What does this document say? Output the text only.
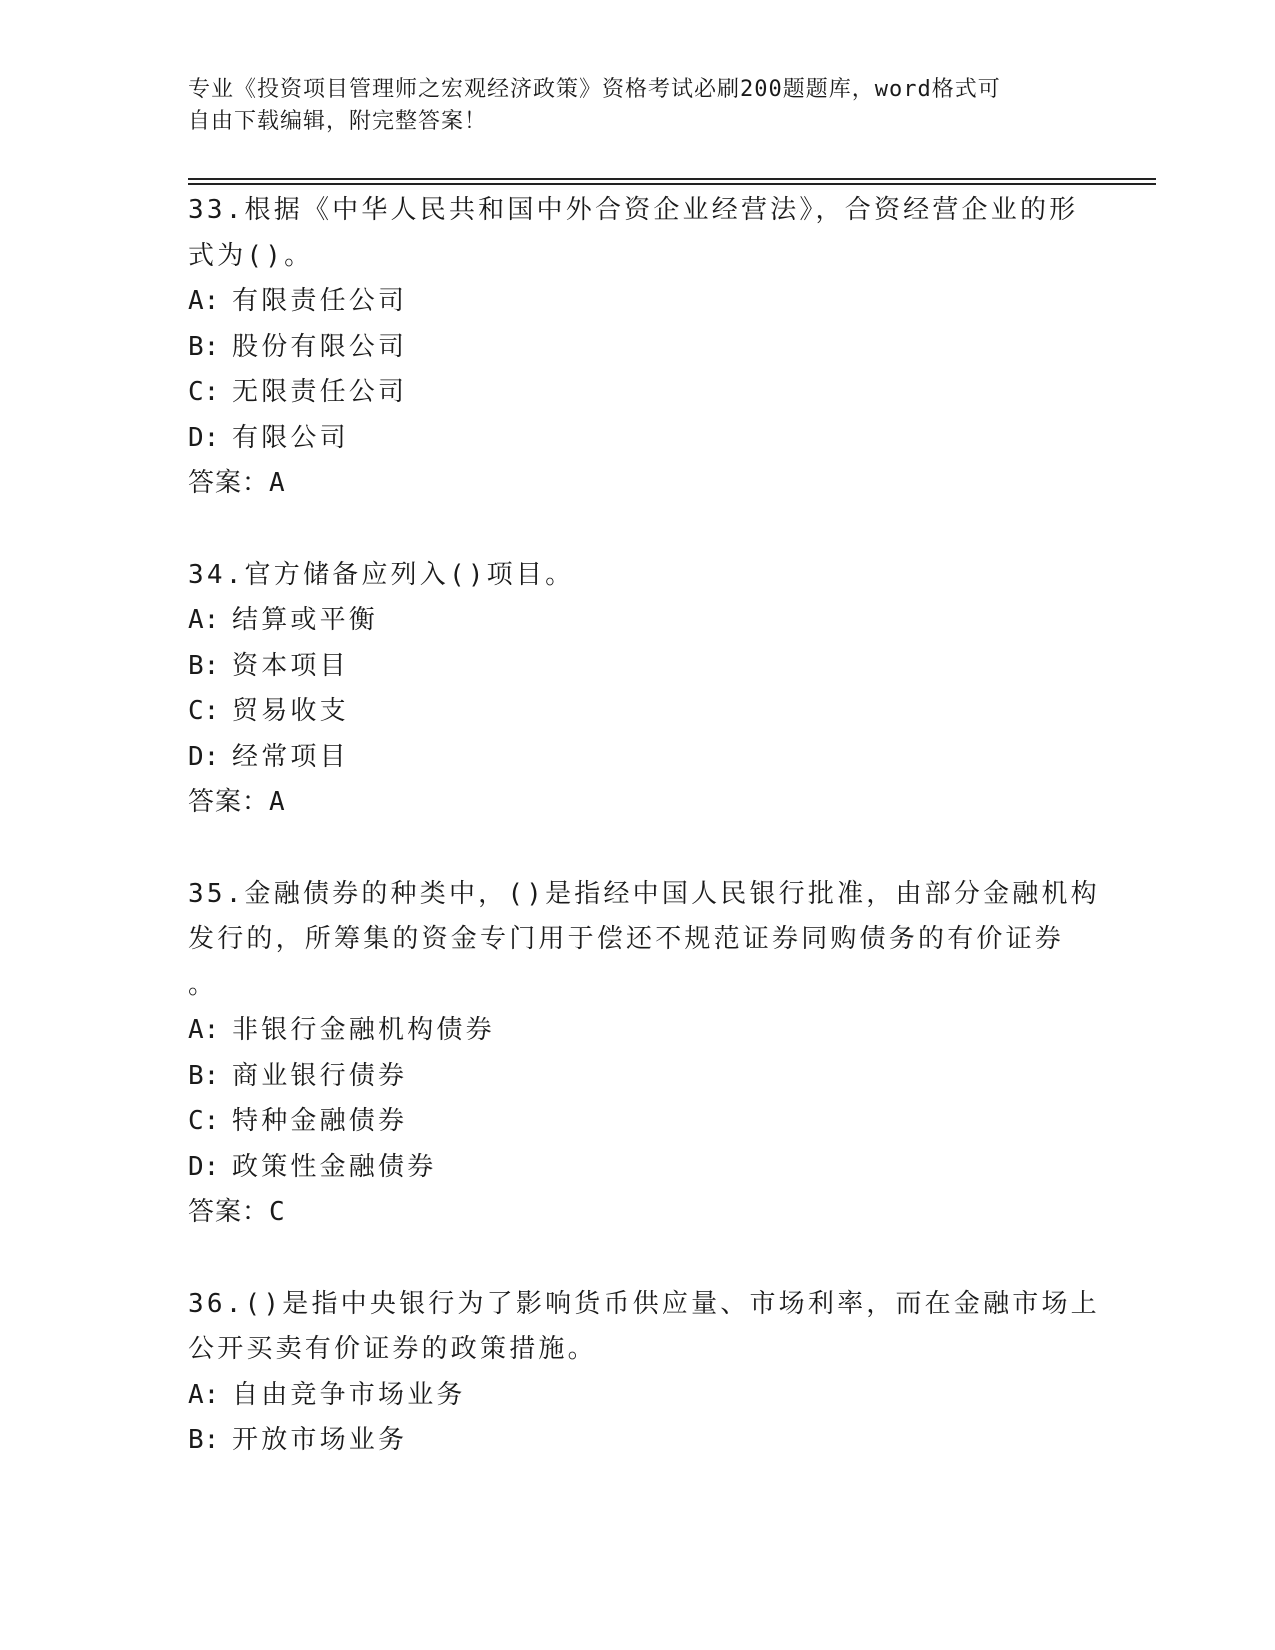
专业《投资项目管理师之宏观经济政策》资格考试必刷200题题库，word格式可
自由下载编辑，附完整答案！
33.根据《中华人民共和国中外合资企业经营法》，合资经营企业的形
式为()。
A: 有限责任公司
B: 股份有限公司
C: 无限责任公司
D: 有限公司
答案：A
34.官方储备应列入()项目。
A: 结算或平衡
B: 资本项目
C: 贸易收支
D: 经常项目
答案：A
35.金融债券的种类中，()是指经中国人民银行批准，由部分金融机构
发行的，所筹集的资金专门用于偿还不规范证券同购债务的有价证券
。
A: 非银行金融机构债券
B: 商业银行债券
C: 特种金融债券
D: 政策性金融债券
答案：C
36.()是指中央银行为了影响货币供应量、市场利率，而在金融市场上
公开买卖有价证券的政策措施。
A: 自由竞争市场业务
B: 开放市场业务
